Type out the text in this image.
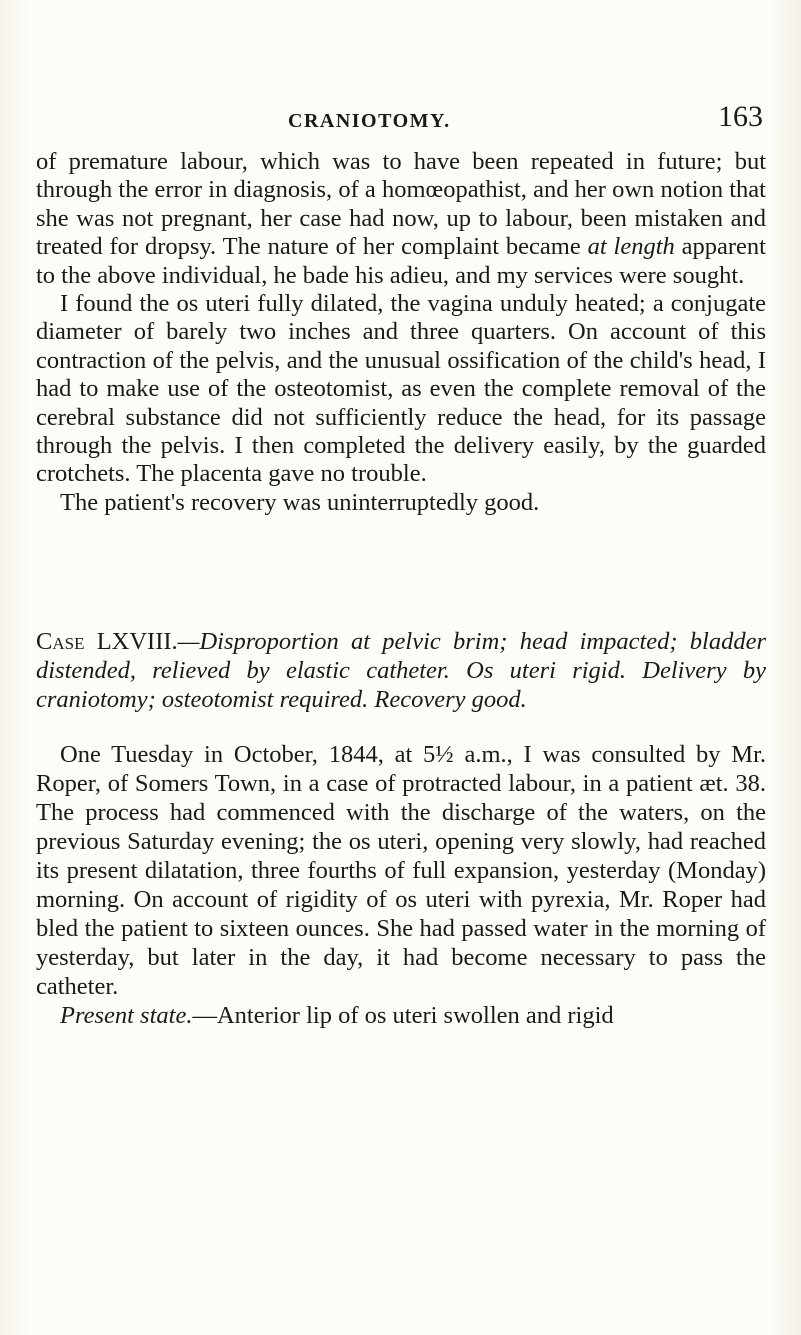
CRANIOTOMY.	163

of premature labour, which was to have been repeated in future; but through the error in diagnosis, of a homœopathist, and her own notion that she was not pregnant, her case had now, up to labour, been mistaken and treated for dropsy. The nature of her complaint became at length apparent to the above individual, he bade his adieu, and my services were sought.

I found the os uteri fully dilated, the vagina unduly heated; a conjugate diameter of barely two inches and three quarters. On account of this contraction of the pelvis, and the unusual ossification of the child's head, I had to make use of the osteotomist, as even the complete removal of the cerebral substance did not sufficiently reduce the head, for its passage through the pelvis. I then completed the delivery easily, by the guarded crotchets. The placenta gave no trouble.

The patient's recovery was uninterruptedly good.

Case LXVIII.—Disproportion at pelvic brim; head impacted; bladder distended, relieved by elastic catheter. Os uteri rigid. Delivery by craniotomy; osteotomist required. Recovery good.

One Tuesday in October, 1844, at 5½ a.m., I was consulted by Mr. Roper, of Somers Town, in a case of protracted labour, in a patient æt. 38. The process had commenced with the discharge of the waters, on the previous Saturday evening; the os uteri, opening very slowly, had reached its present dilatation, three fourths of full expansion, yesterday (Monday) morning. On account of rigidity of os uteri with pyrexia, Mr. Roper had bled the patient to sixteen ounces. She had passed water in the morning of yesterday, but later in the day, it had become necessary to pass the catheter.

Present state.—Anterior lip of os uteri swollen and rigid
